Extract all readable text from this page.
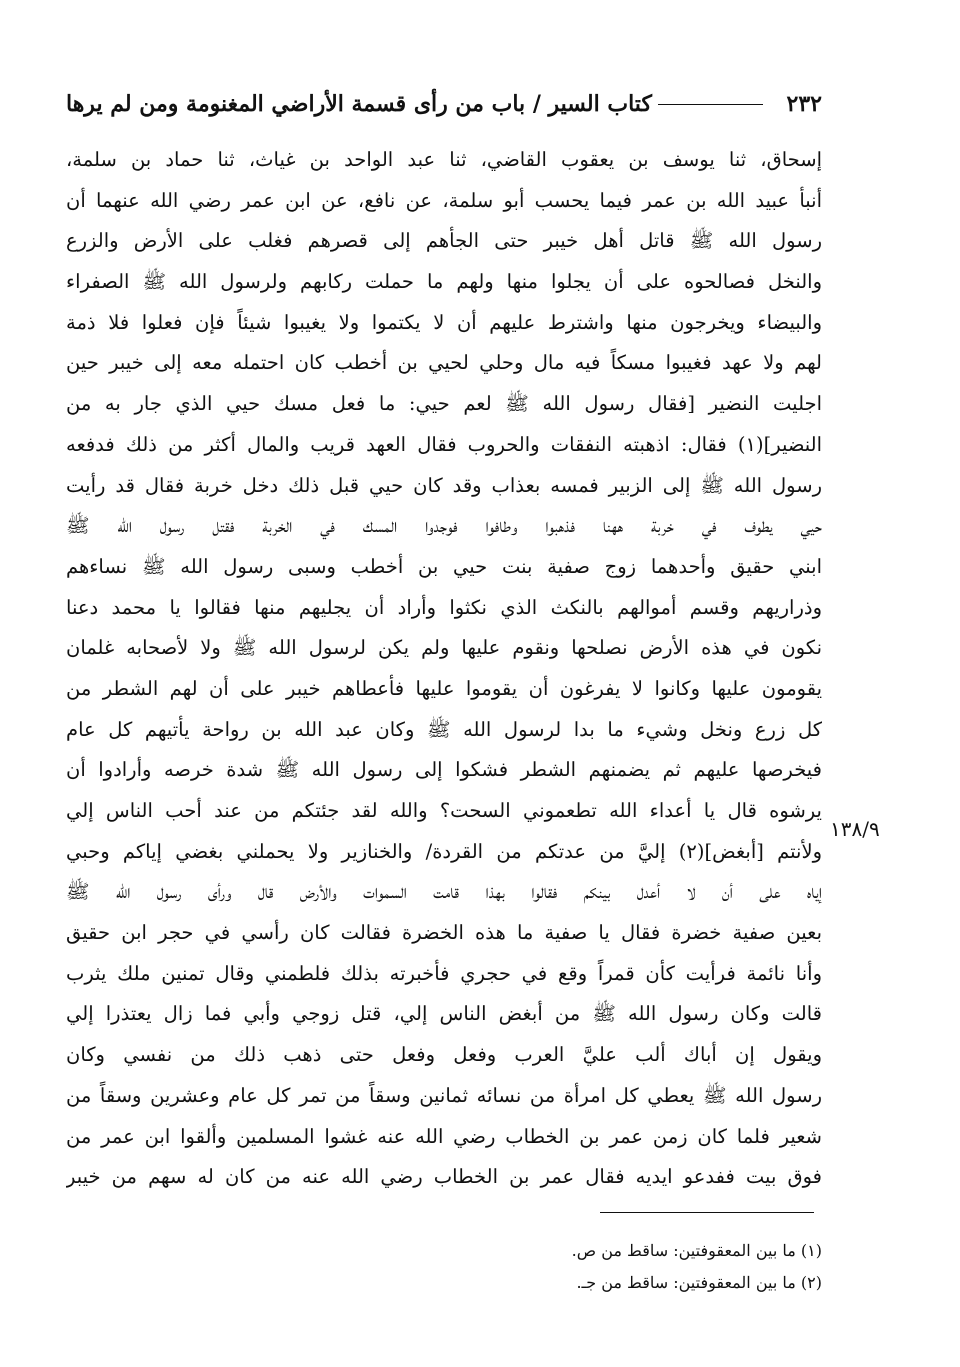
٢٣٢
كتاب السير / باب من رأى قسمة الأراضي المغنومة ومن لم يرها
إسحاق، ثنا يوسف بن يعقوب القاضي، ثنا عبد الواحد بن غياث، ثنا حماد بن سلمة،
أنبأ عبيد الله بن عمر فيما يحسب أبو سلمة، عن نافع، عن ابن عمر رضي الله عنهما أن
رسول الله ﷺ قاتل أهل خيبر حتى الجأهم إلى قصرهم فغلب على الأرض والزرع
والنخل فصالحوه على أن يجلوا منها ولهم ما حملت ركابهم ولرسول الله ﷺ الصفراء
والبيضاء ويخرجون منها واشترط عليهم أن لا يكتموا ولا يغيبوا شيئاً فإن فعلوا فلا ذمة
لهم ولا عهد فغيبوا مسكاً فيه مال وحلي لحيي بن أخطب كان احتمله معه إلى خيبر حين
اجليت النضير [فقال رسول الله ﷺ لعم حيي: ما فعل مسك حيي الذي جار به من
النضير](١) فقال: اذهبته النفقات والحروب فقال العهد قريب والمال أكثر من ذلك فدفعه
رسول الله ﷺ إلى الزبير فمسه بعذاب وقد كان حيي قبل ذلك دخل خربة فقال قد رأيت
حيي يطوف في خربة ههنا فذهبوا وطافوا فوجدوا المسك في الخربة فقتل رسول الله ﷺ
ابني حقيق وأحدهما زوج صفية بنت حيي بن أخطب وسبى رسول الله ﷺ نساءهم
وذراريهم وقسم أموالهم بالنكث الذي نكثوا وأراد أن يجليهم منها فقالوا يا محمد دعنا
نكون في هذه الأرض نصلحها ونقوم عليها ولم يكن لرسول الله ﷺ ولا لأصحابه غلمان
يقومون عليها وكانوا لا يفرغون أن يقوموا عليها فأعطاهم خيبر على أن لهم الشطر من
كل زرع ونخل وشيء ما بدا لرسول الله ﷺ وكان عبد الله بن رواحة يأتيهم كل عام
فيخرصها عليهم ثم يضمنهم الشطر فشكوا إلى رسول الله ﷺ شدة خرصه وأرادوا أن
يرشوه قال يا أعداء الله تطعموني السحت؟ والله لقد جئتكم من عند أحب الناس إلي
ولأنتم [أبغض](٢) إليَّ من عدتكم من القردة/ والخنازير ولا يحملني بغضي إياكم وحبي
إياه على أن لا أعدل بينكم فقالوا بهذا قامت السموات والأرض قال ورأى رسول الله ﷺ
بعين صفية خضرة فقال يا صفية ما هذه الخضرة فقالت كان رأسي في حجر ابن حقيق
وأنا نائمة فرأيت كأن قمراً وقع في حجري فأخبرته بذلك فلطمني وقال تمنين ملك يثرب
قالت وكان رسول الله ﷺ من أبغض الناس إلي، قتل زوجي وأبي فما زال يعتذرا إلي
ويقول إن أباك ألب عليَّ العرب وفعل وفعل حتى ذهب ذلك من نفسي وكان
رسول الله ﷺ يعطي كل امرأة من نسائه ثمانين وسقاً من تمر كل عام وعشرين وسقاً من
شعير فلما كان زمن عمر بن الخطاب رضي الله عنه غشوا المسلمين وألقوا ابن عمر من
فوق بيت ففدعو ايديه فقال عمر بن الخطاب رضي الله عنه من كان له سهم من خيبر
١٣٨/٩
(١) ما بين المعقوفتين: ساقط من ص.
(٢) ما بين المعقوفتين: ساقط من جـ.
